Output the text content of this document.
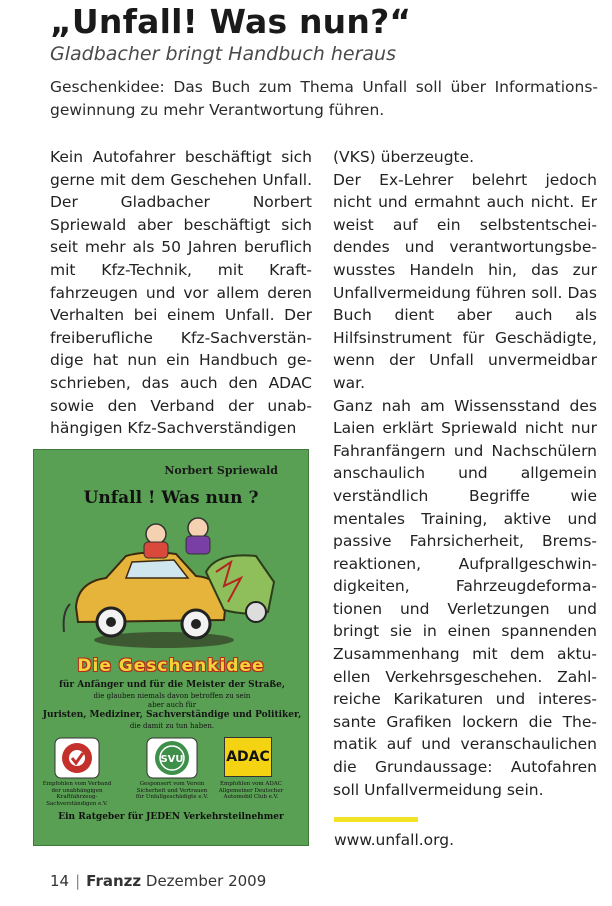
„Unfall! Was nun?“
Gladbacher bringt Handbuch heraus
Geschenkidee: Das Buch zum Thema Unfall soll über Informationsgewinnung zu mehr Verantwortung führen.

Kein Autofahrer beschäftigt sich gerne mit dem Geschehen Unfall. Der Gladbacher Norbert Spriewald aber beschäftigt sich seit mehr als 50 Jahren beruflich mit Kfz-Technik, mit Kraftfahrzeugen und vor allem deren Verhalten bei einem Unfall. Der freiberufliche Kfz-Sachverständige hat nun ein Handbuch geschrieben, das auch den ADAC sowie den Verband der unabhängigen Kfz-Sachverständigen

(VKS) überzeugte.

Der Ex-Lehrer belehrt jedoch nicht und ermahnt auch nicht. Er weist auf ein selbstentscheidendes und verantwortungsbewusstes Handeln hin, das zur Unfallvermeidung führen soll. Das Buch dient aber auch als Hilfsinstrument für Geschädigte, wenn der Unfall unvermeidbar war.

Ganz nah am Wissensstand des Laien erklärt Spriewald nicht nur Fahranfängern und Nachschülern anschaulich und allgemein verständlich Begriffe wie mentales Training, aktive und passive Fahrsicherheit, Bremsreaktionen, Aufprallgeschwindigkeiten, Fahrzeugdeformationen und Verletzungen und bringt sie in einen spannenden Zusammenhang mit dem aktuellen Verkehrsgeschehen. Zahlreiche Karikaturen und interessante Grafiken lockern die Thematik auf und veranschaulichen die Grundaussage: Autofahren soll Unfallvermeidung sein.

Norbert Spriewald
Unfall ! Was nun ?
Die Geschenkidee
für Anfänger und für die Meister der Straße,
die glauben niemals davon betroffen zu sein
aber auch für
Juristen, Mediziner, Sachverständige und Politiker,
die damit zu tun haben.
Empfohlen vom Verband der unabhängigen Kraftfahrzeug-Sachverständigen e.V.
SVU
Gesponsert vom Verein Sicherheit und Vertrauen für Unfallgeschädigte e.V.
ADAC
Empfohlen vom ADAC Allgemeiner Deutscher Automobil Club e.V.
Ein Ratgeber für JEDEN Verkehrsteilnehmer
www.unfall.org.
14 | Franzz Dezember 2009
